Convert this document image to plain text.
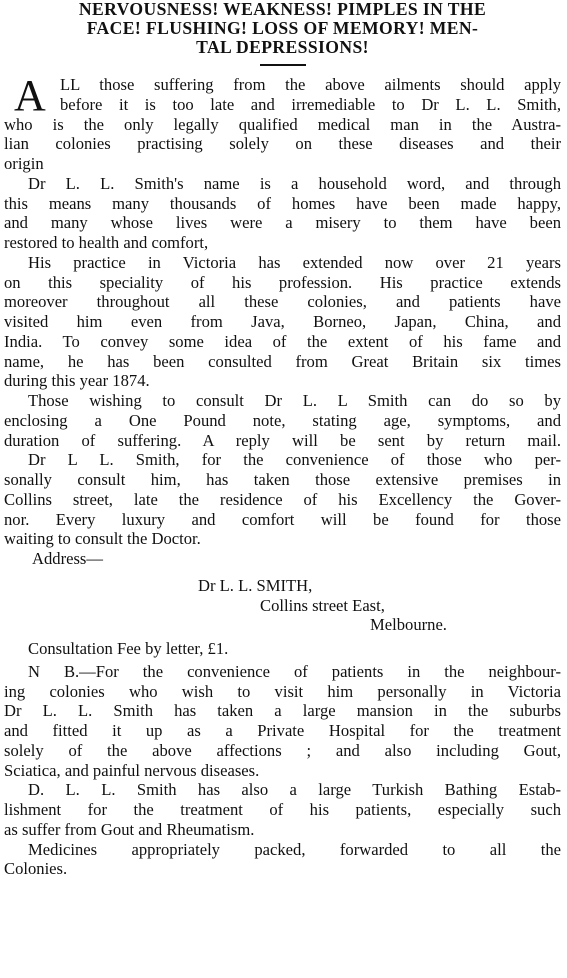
NERVOUSNESS! WEAKNESS! PIMPLES IN THE
FACE! FLUSHING! LOSS OF MEMORY! MEN-
TAL DEPRESSIONS!
A LL those suffering from the above ailments should apply
before it is too late and irremediable to Dr L. L. Smith,
who is the only legally qualified medical man in the Austra-
lian colonies practising solely on these diseases and their
origin
Dr L. L. Smith's name is a household word, and through
this means many thousands of homes have been made happy,
and many whose lives were a misery to them have been
restored to health and comfort,
His practice in Victoria has extended now over 21 years
on this speciality of his profession. His practice extends
moreover throughout all these colonies, and patients have
visited him even from Java, Borneo, Japan, China, and
India. To convey some idea of the extent of his fame and
name, he has been consulted from Great Britain six times
during this year 1874.
Those wishing to consult Dr L. L Smith can do so by
enclosing a One Pound note, stating age, symptoms, and
duration of suffering. A reply will be sent by return mail.
Dr L L. Smith, for the convenience of those who per-
sonally consult him, has taken those extensive premises in
Collins street, late the residence of his Excellency the Gover-
nor. Every luxury and comfort will be found for those
waiting to consult the Doctor.
Address—
Dr L. L. SMITH,
Collins street East,
Melbourne.

Consultation Fee by letter, £1.

N B.—For the convenience of patients in the neighbour-
ing colonies who wish to visit him personally in Victoria
Dr L. L. Smith has taken a large mansion in the suburbs
and fitted it up as a Private Hospital for the treatment
solely of the above affections ; and also including Gout,
Sciatica, and painful nervous diseases.
D. L. L. Smith has also a large Turkish Bathing Estab-
lishment for the treatment of his patients, especially such
as suffer from Gout and Rheumatism.
Medicines appropriately packed, forwarded to all the
Colonies.
